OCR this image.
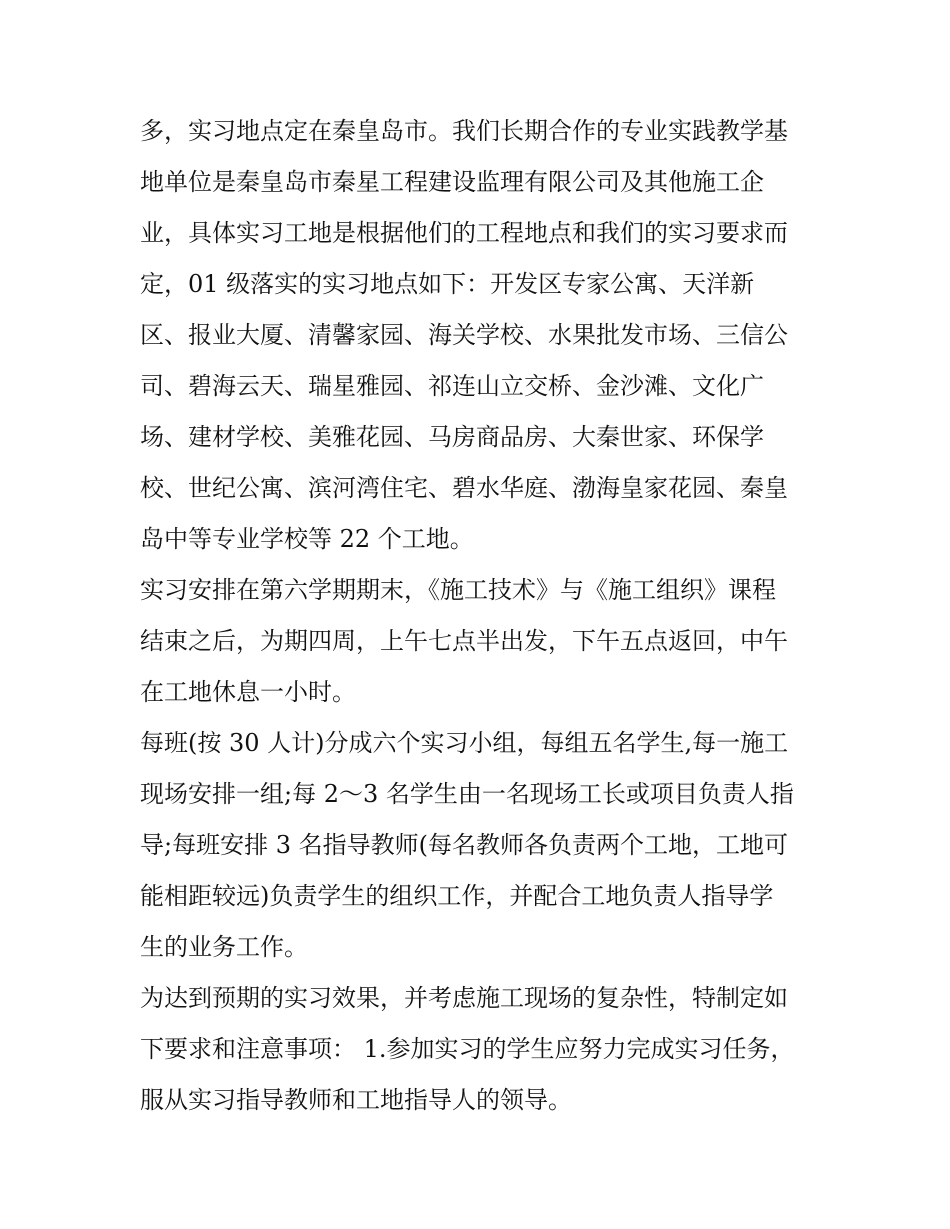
多，实习地点定在秦皇岛市。我们长期合作的专业实践教学基
地单位是秦皇岛市秦星工程建设监理有限公司及其他施工企
业，具体实习工地是根据他们的工程地点和我们的实习要求而
定，01 级落实的实习地点如下：开发区专家公寓、天洋新
区、报业大厦、清馨家园、海关学校、水果批发市场、三信公
司、碧海云天、瑞星雅园、祁连山立交桥、金沙滩、文化广
场、建材学校、美雅花园、马房商品房、大秦世家、环保学
校、世纪公寓、滨河湾住宅、碧水华庭、渤海皇家花园、秦皇
岛中等专业学校等 22 个工地。
实习安排在第六学期期末，《施工技术》与《施工组织》课程
结束之后，为期四周，上午七点半出发，下午五点返回，中午
在工地休息一小时。
每班(按 30 人计)分成六个实习小组，每组五名学生,每一施工
现场安排一组;每 2～3 名学生由一名现场工长或项目负责人指
导;每班安排 3 名指导教师(每名教师各负责两个工地，工地可
能相距较远)负责学生的组织工作，并配合工地负责人指导学
生的业务工作。
为达到预期的实习效果，并考虑施工现场的复杂性，特制定如
下要求和注意事项： 1.参加实习的学生应努力完成实习任务，
服从实习指导教师和工地指导人的领导。
